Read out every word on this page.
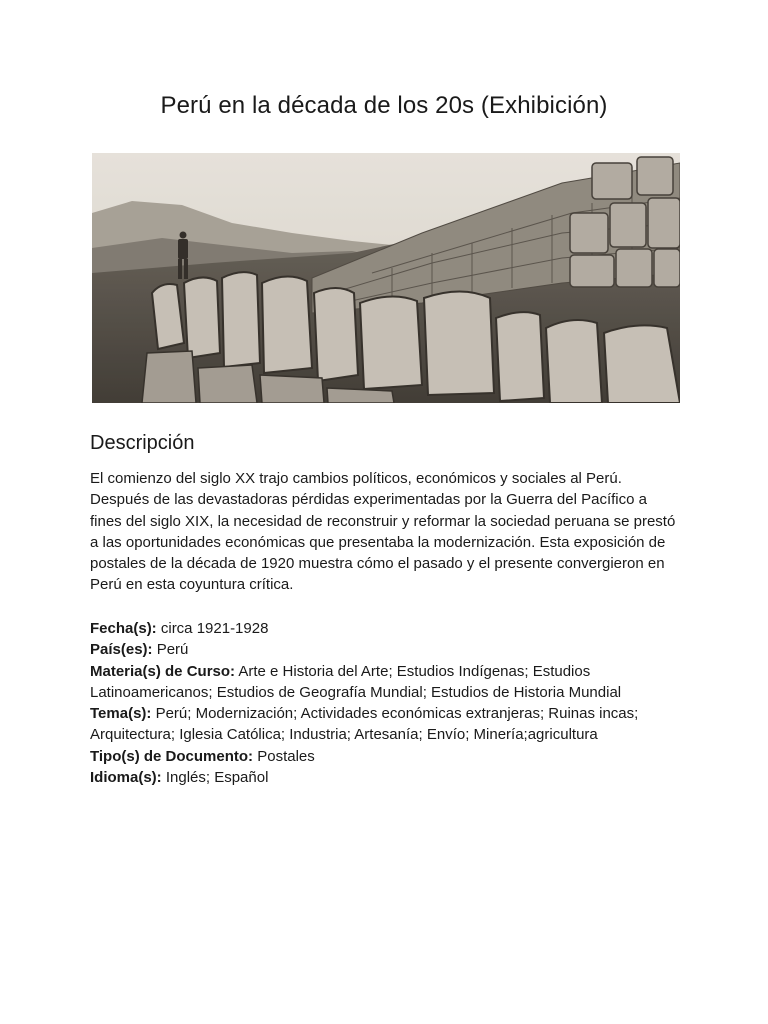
Perú en la década de los 20s (Exhibición)
Descripción

El comienzo del siglo XX trajo cambios políticos, económicos y sociales al Perú. Después de las devastadoras pérdidas experimentadas por la Guerra del Pacífico a fines del siglo XIX, la necesidad de reconstruir y reformar la sociedad peruana se prestó a las oportunidades económicas que presentaba la modernización. Esta exposición de postales de la década de 1920 muestra cómo el pasado y el presente convergieron en Perú en esta coyuntura crítica.

Fecha(s): circa 1921-1928

País(es): Perú

Materia(s) de Curso: Arte e Historia del Arte; Estudios Indígenas; Estudios Latinoamericanos; Estudios de Geografía Mundial; Estudios de Historia Mundial

Tema(s): Perú; Modernización; Actividades económicas extranjeras; Ruinas incas; Arquitectura; Iglesia Católica; Industria; Artesanía; Envío; Minería;agricultura

Tipo(s) de Documento: Postales

Idioma(s): Inglés; Español
